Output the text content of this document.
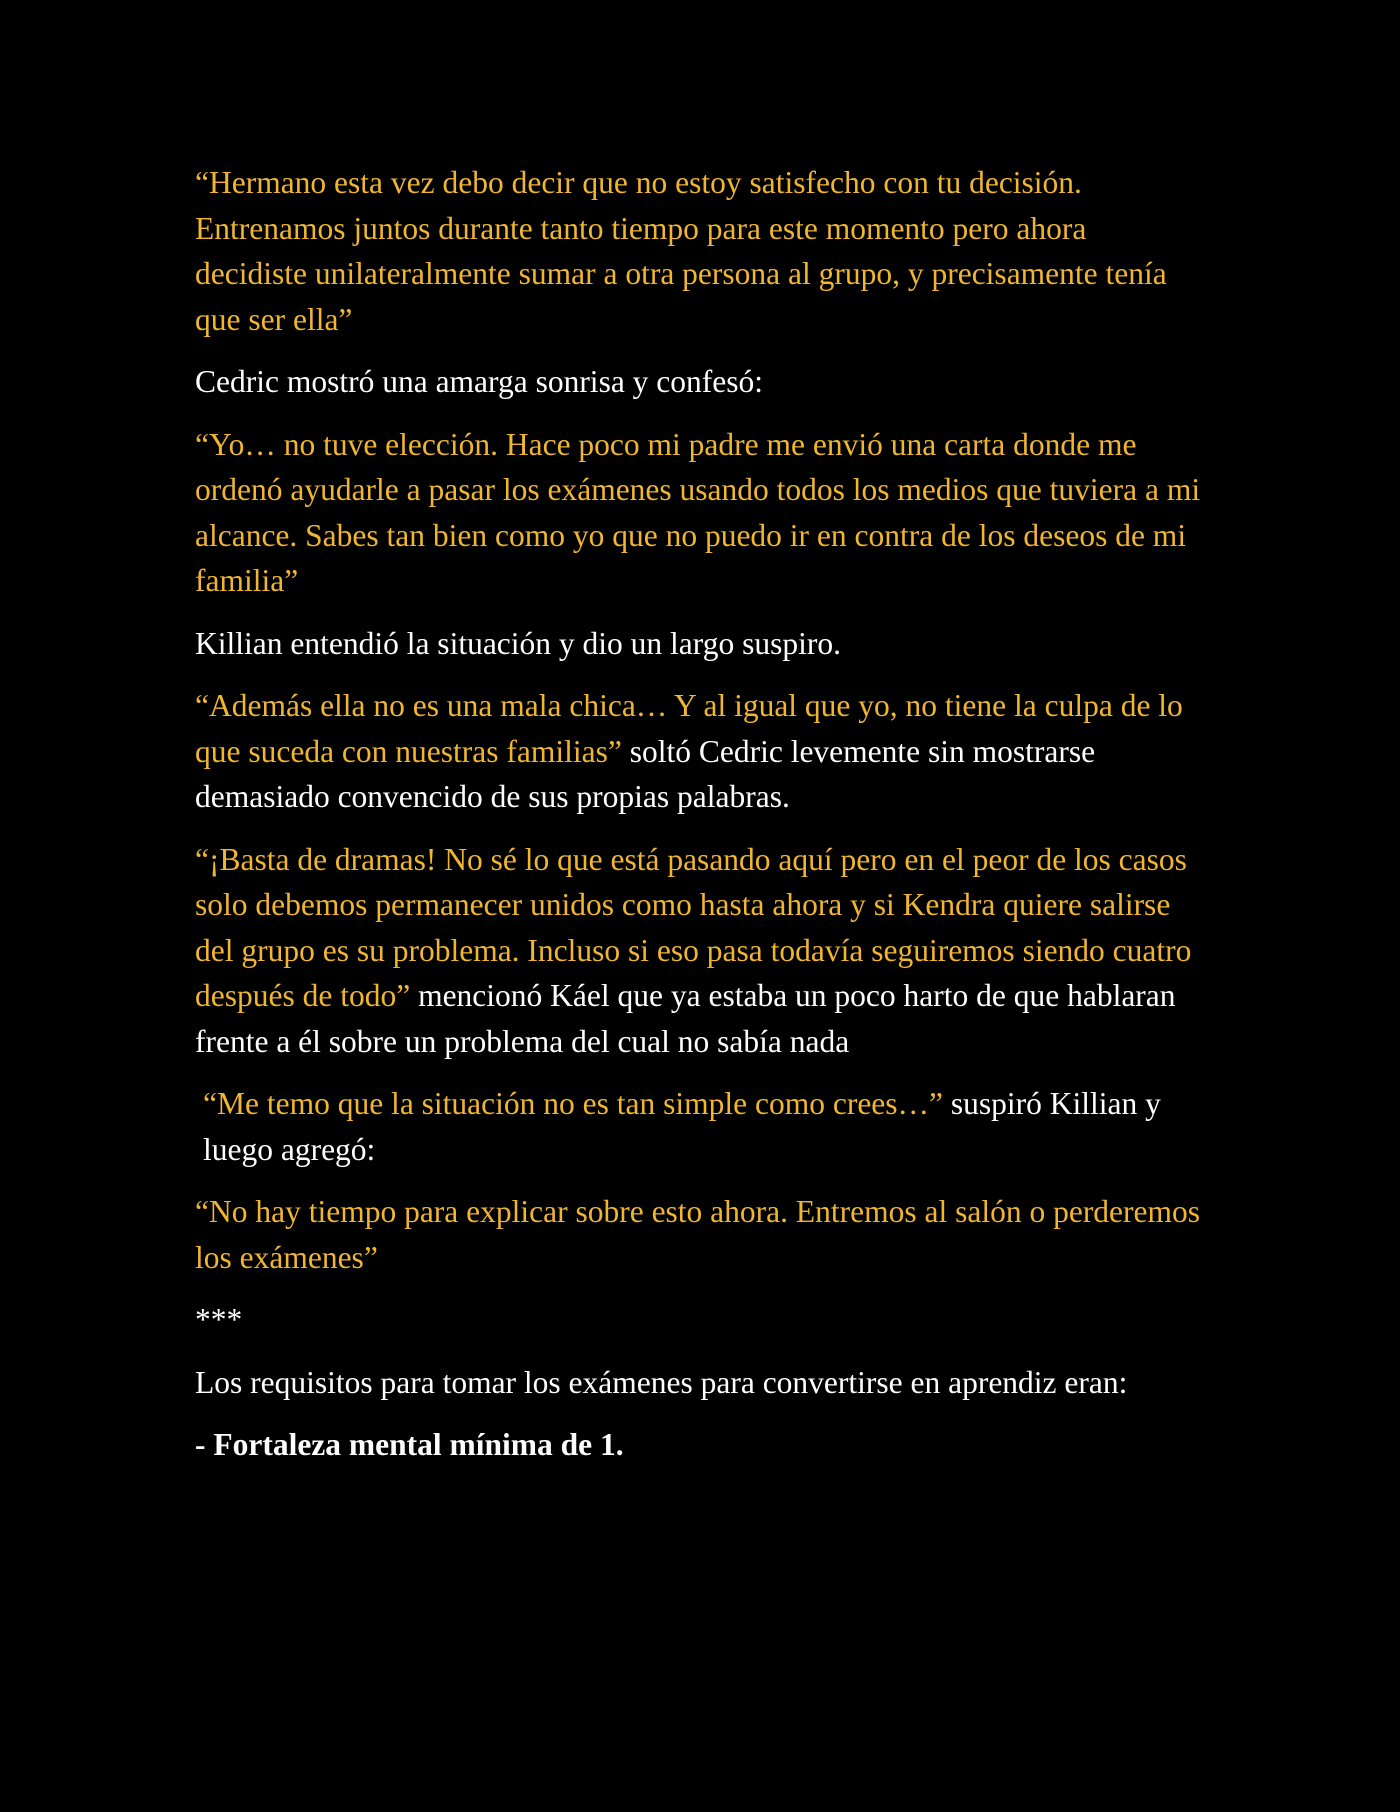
“Hermano esta vez debo decir que no estoy satisfecho con tu decisión. Entrenamos juntos durante tanto tiempo para este momento pero ahora decidiste unilateralmente sumar a otra persona al grupo, y precisamente tenía que ser ella”

Cedric mostró una amarga sonrisa y confesó:

“Yo… no tuve elección. Hace poco mi padre me envió una carta donde me ordenó ayudarle a pasar los exámenes usando todos los medios que tuviera a mi alcance. Sabes tan bien como yo que no puedo ir en contra de los deseos de mi familia”

Killian entendió la situación y dio un largo suspiro.

“Además ella no es una mala chica… Y al igual que yo, no tiene la culpa de lo que suceda con nuestras familias” soltó Cedric levemente sin mostrarse demasiado convencido de sus propias palabras.

“¡Basta de dramas! No sé lo que está pasando aquí pero en el peor de los casos solo debemos permanecer unidos como hasta ahora y si Kendra quiere salirse del grupo es su problema. Incluso si eso pasa todavía seguiremos siendo cuatro después de todo” mencionó Káel que ya estaba un poco harto de que hablaran frente a él sobre un problema del cual no sabía nada

“Me temo que la situación no es tan simple como crees…” suspiró Killian y luego agregó:

“No hay tiempo para explicar sobre esto ahora. Entremos al salón o perderemos los exámenes”

***

Los requisitos para tomar los exámenes para convertirse en aprendiz eran:

- Fortaleza mental mínima de 1.
